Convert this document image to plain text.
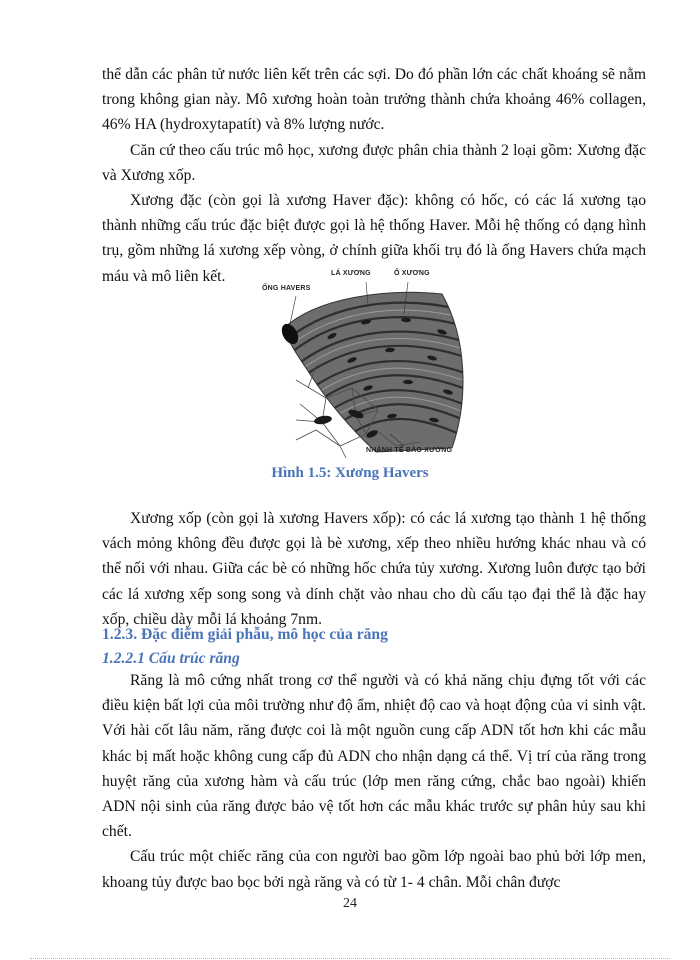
thể dẫn các phân tử nước liên kết trên các sợi. Do đó phần lớn các chất khoáng sẽ nằm trong không gian này. Mô xương hoàn toàn trưởng thành chứa khoảng 46% collagen, 46% HA (hydroxytapatít) và 8% lượng nước.

Căn cứ theo cấu trúc mô học, xương được phân chia thành 2 loại gồm: Xương đặc và Xương xốp.

Xương đặc (còn gọi là xương Haver đặc): không có hốc, có các lá xương tạo thành những cấu trúc đặc biệt được gọi là hệ thống Haver. Mỗi hệ thống có dạng hình trụ, gồm những lá xương xếp vòng, ở chính giữa khối trụ đó là ống Havers chứa mạch máu và mô liên kết.	LÁ XƯƠNG	Ổ XƯƠNG
ỐNG HAVERS
NHÁNH TẾ BÀO XƯƠNG
Hình 1.5: Xương Havers

Xương xốp (còn gọi là xương Havers xốp): có các lá xương tạo thành 1 hệ thống vách mỏng không đều được gọi là bè xương, xếp theo nhiều hướng khác nhau và có thể nối với nhau. Giữa các bè có những hốc chứa tủy xương. Xương luôn được tạo bởi các lá xương xếp song song và dính chặt vào nhau cho dù cấu tạo đại thể là đặc hay xốp, chiều dày mỗi lá khoảng 7nm.

1.2.3. Đặc điểm giải phẫu, mô học của răng
1.2.2.1 Cấu trúc răng

Răng là mô cứng nhất trong cơ thể người và có khả năng chịu đựng tốt với các điều kiện bất lợi của môi trường như độ ẩm, nhiệt độ cao và hoạt động của vi sinh vật. Với hài cốt lâu năm, răng được coi là một nguồn cung cấp ADN tốt hơn khi các mẫu khác bị mất hoặc không cung cấp đủ ADN cho nhận dạng cá thể. Vị trí của răng trong huyệt răng của xương hàm và cấu trúc (lớp men răng cứng, chắc bao ngoài) khiến ADN nội sinh của răng được bảo vệ tốt hơn các mẫu khác trước sự phân hủy sau khi chết.

Cấu trúc một chiếc răng của con người bao gồm lớp ngoài bao phủ bởi lớp men, khoang tủy được bao bọc bởi ngà răng và có từ 1- 4 chân. Mỗi chân được

24
